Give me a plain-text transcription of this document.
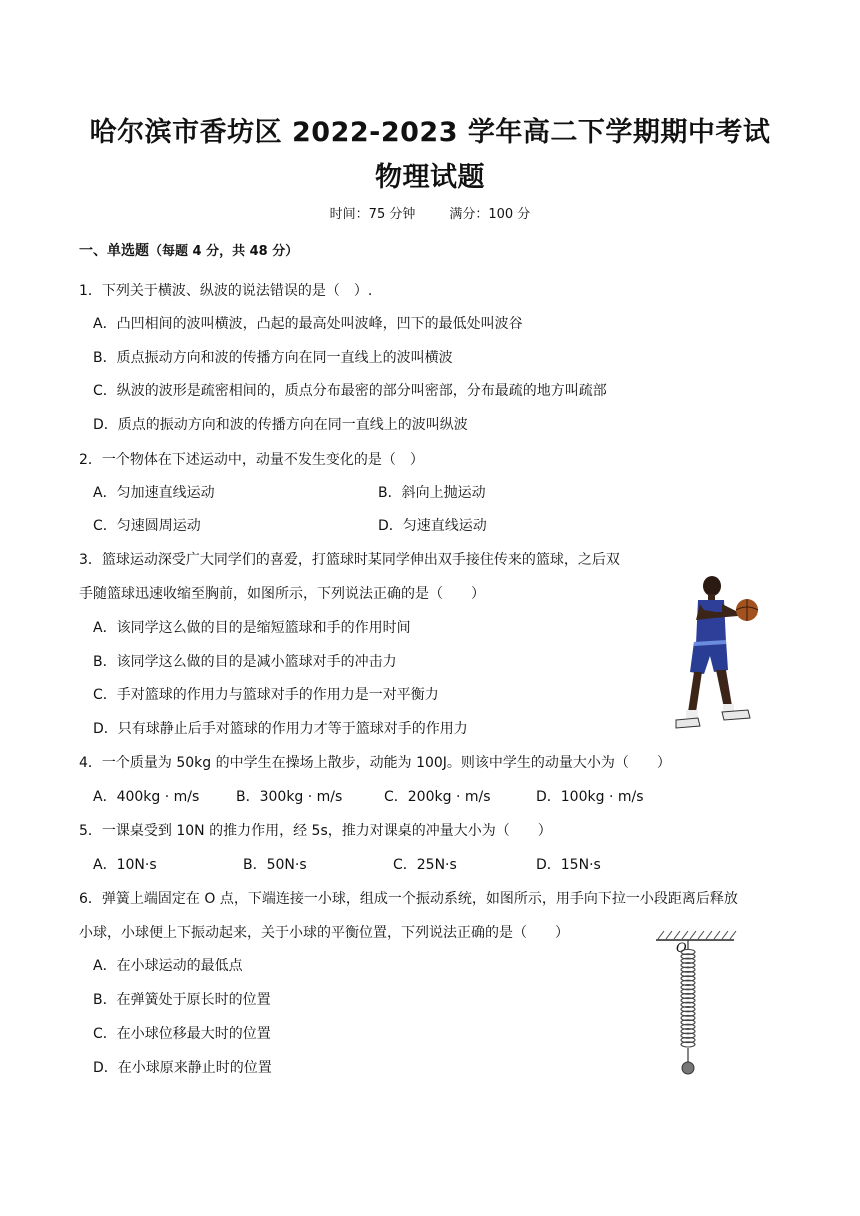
哈尔滨市香坊区 2022-2023 学年高二下学期期中考试
物理试题
时间：75 分钟	满分：100 分
一、单选题（每题 4 分，共 48 分）
1．下列关于横波、纵波的说法错误的是（　）.
A．凸凹相间的波叫横波，凸起的最高处叫波峰，凹下的最低处叫波谷
B．质点振动方向和波的传播方向在同一直线上的波叫横波
C．纵波的波形是疏密相间的，质点分布最密的部分叫密部，分布最疏的地方叫疏部
D．质点的振动方向和波的传播方向在同一直线上的波叫纵波
2．一个物体在下述运动中，动量不发生变化的是（　）
A．匀加速直线运动	B．斜向上抛运动
C．匀速圆周运动	D．匀速直线运动
3．篮球运动深受广大同学们的喜爱，打篮球时某同学伸出双手接住传来的篮球，之后双
手随篮球迅速收缩至胸前，如图所示，下列说法正确的是（　　）
A．该同学这么做的目的是缩短篮球和手的作用时间
B．该同学这么做的目的是减小篮球对手的冲击力
C．手对篮球的作用力与篮球对手的作用力是一对平衡力
D．只有球静止后手对篮球的作用力才等于篮球对手的作用力
4．一个质量为 50kg 的中学生在操场上散步，动能为 100J。则该中学生的动量大小为（　　）
A．400kg · m/s	B．300kg · m/s	C．200kg · m/s	D．100kg · m/s
5．一课桌受到 10N 的推力作用，经 5s，推力对课桌的冲量大小为（　　）
A．10N·s	B．50N·s	C．25N·s	D．15N·s
6．弹簧上端固定在 O 点，下端连接一小球，组成一个振动系统，如图所示，用手向下拉一小段距离后释放
小球，小球便上下振动起来，关于小球的平衡位置，下列说法正确的是（　　）
A．在小球运动的最低点
B．在弹簧处于原长时的位置
C．在小球位移最大时的位置
D．在小球原来静止时的位置
O
